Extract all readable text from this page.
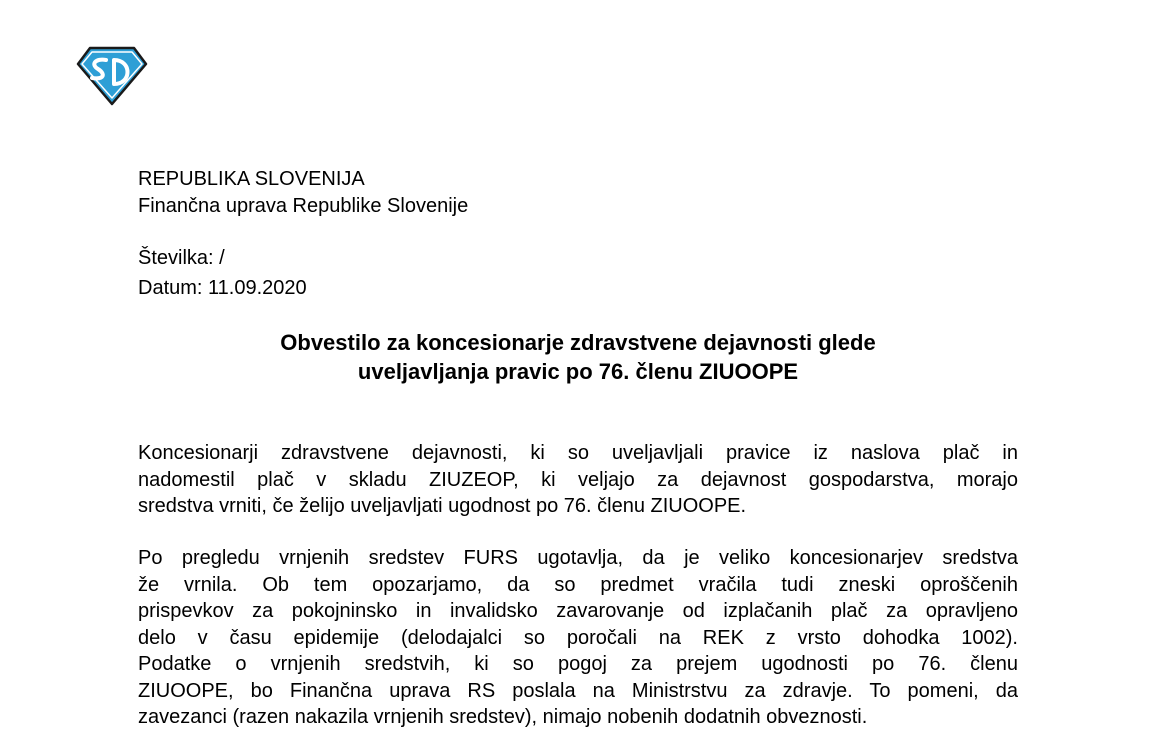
REPUBLIKA SLOVENIJA
Finančna uprava Republike Slovenije
Številka: /
Datum: 11.09.2020
Obvestilo za koncesionarje zdravstvene dejavnosti glede
uveljavljanja pravic po 76. členu ZIUOOPE
Koncesionarji zdravstvene dejavnosti, ki so uveljavljali pravice iz naslova plač in
nadomestil plač v skladu ZIUZEOP, ki veljajo za dejavnost gospodarstva, morajo
sredstva vrniti, če želijo uveljavljati ugodnost po 76. členu ZIUOOPE.
Po pregledu vrnjenih sredstev FURS ugotavlja, da je veliko koncesionarjev sredstva
že vrnila. Ob tem opozarjamo, da so predmet vračila tudi zneski oproščenih
prispevkov za pokojninsko in invalidsko zavarovanje od izplačanih plač za opravljeno
delo v času epidemije (delodajalci so poročali na REK z vrsto dohodka 1002).
Podatke o vrnjenih sredstvih, ki so pogoj za prejem ugodnosti po 76. členu
ZIUOOPE, bo Finančna uprava RS poslala na Ministrstvu za zdravje. To pomeni, da
zavezanci (razen nakazila vrnjenih sredstev), nimajo nobenih dodatnih obveznosti.
